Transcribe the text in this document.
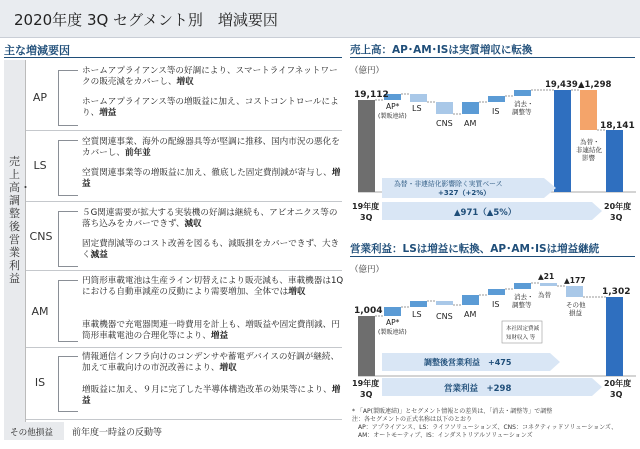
2020年度 3Q セグメント別　増減要因
主な増減要因
売上高・調整後営業利益
AP
ホームアプライアンス等の好調により、スマートライフネットワークの販売減をカバーし、増収
ホームアプライアンス等の増販益に加え、コストコントロールにより、増益
LS
空質関連事業、海外の配線器具等が堅調に推移、国内市況の悪化をカバーし、前年並
空質関連事業等の増販益に加え、徹底した固定費削減が寄与し、増益
CNS
５G関連需要が拡大する実装機の好調は継続も、アビオニクス等の落ち込みをカバーできず、減収
固定費削減等のコスト改善を図るも、減販損をカバーできず、大きく減益
AM
円筒形車載電池は生産ライン切替えにより販売減も、車載機器は1Qにおける自動車減産の反動により需要増加、全体では増収
車載機器で充電器関連一時費用を計上も、増販益や固定費削減、円筒形車載電池の合理化等により、増益
IS
情報通信インフラ向けのコンデンサや蓄電デバイスの好調が継続、加えて車載向けの市況改善により、増収
増販益に加え、９月に完了した半導体構造改革の効果等により、増益
その他損益	前年度一時益の反動等
売上高：AP･AM･ISは実質増収に転換
（億円）
19,112
19,439 ▲1,298
18,141
AP*
(製販連結)
LS
CNS AM
IS
消去・
調整等
為替・
非連結化
影響
為替・非連結化影響除く実質ベース
+327（+2%）
▲971（▲5%）
19年度
3Q
20年度
3Q
営業利益：LSは増益に転換、AP･AM･ISは増益継続
（億円）
1,004
▲21 ▲177
1,302
AP*
(製販連結)
LS CNS AM
IS
消去・
調整等
為替
その他
損益
本社固定費減
知財収入 等
調整後営業利益　+475
営業利益　+298
19年度
3Q
20年度
3Q
* 「AP(製販連結)」とセグメント情報との差異は、「消去・調整等」で調整
注：各セグメントの正式名称は以下のとおり
　AP：アプライアンス、LS：ライフソリューションズ、CNS：コネクティッドソリューションズ、
　AM：オートモーティブ、IS：インダストリアルソリューションズ
